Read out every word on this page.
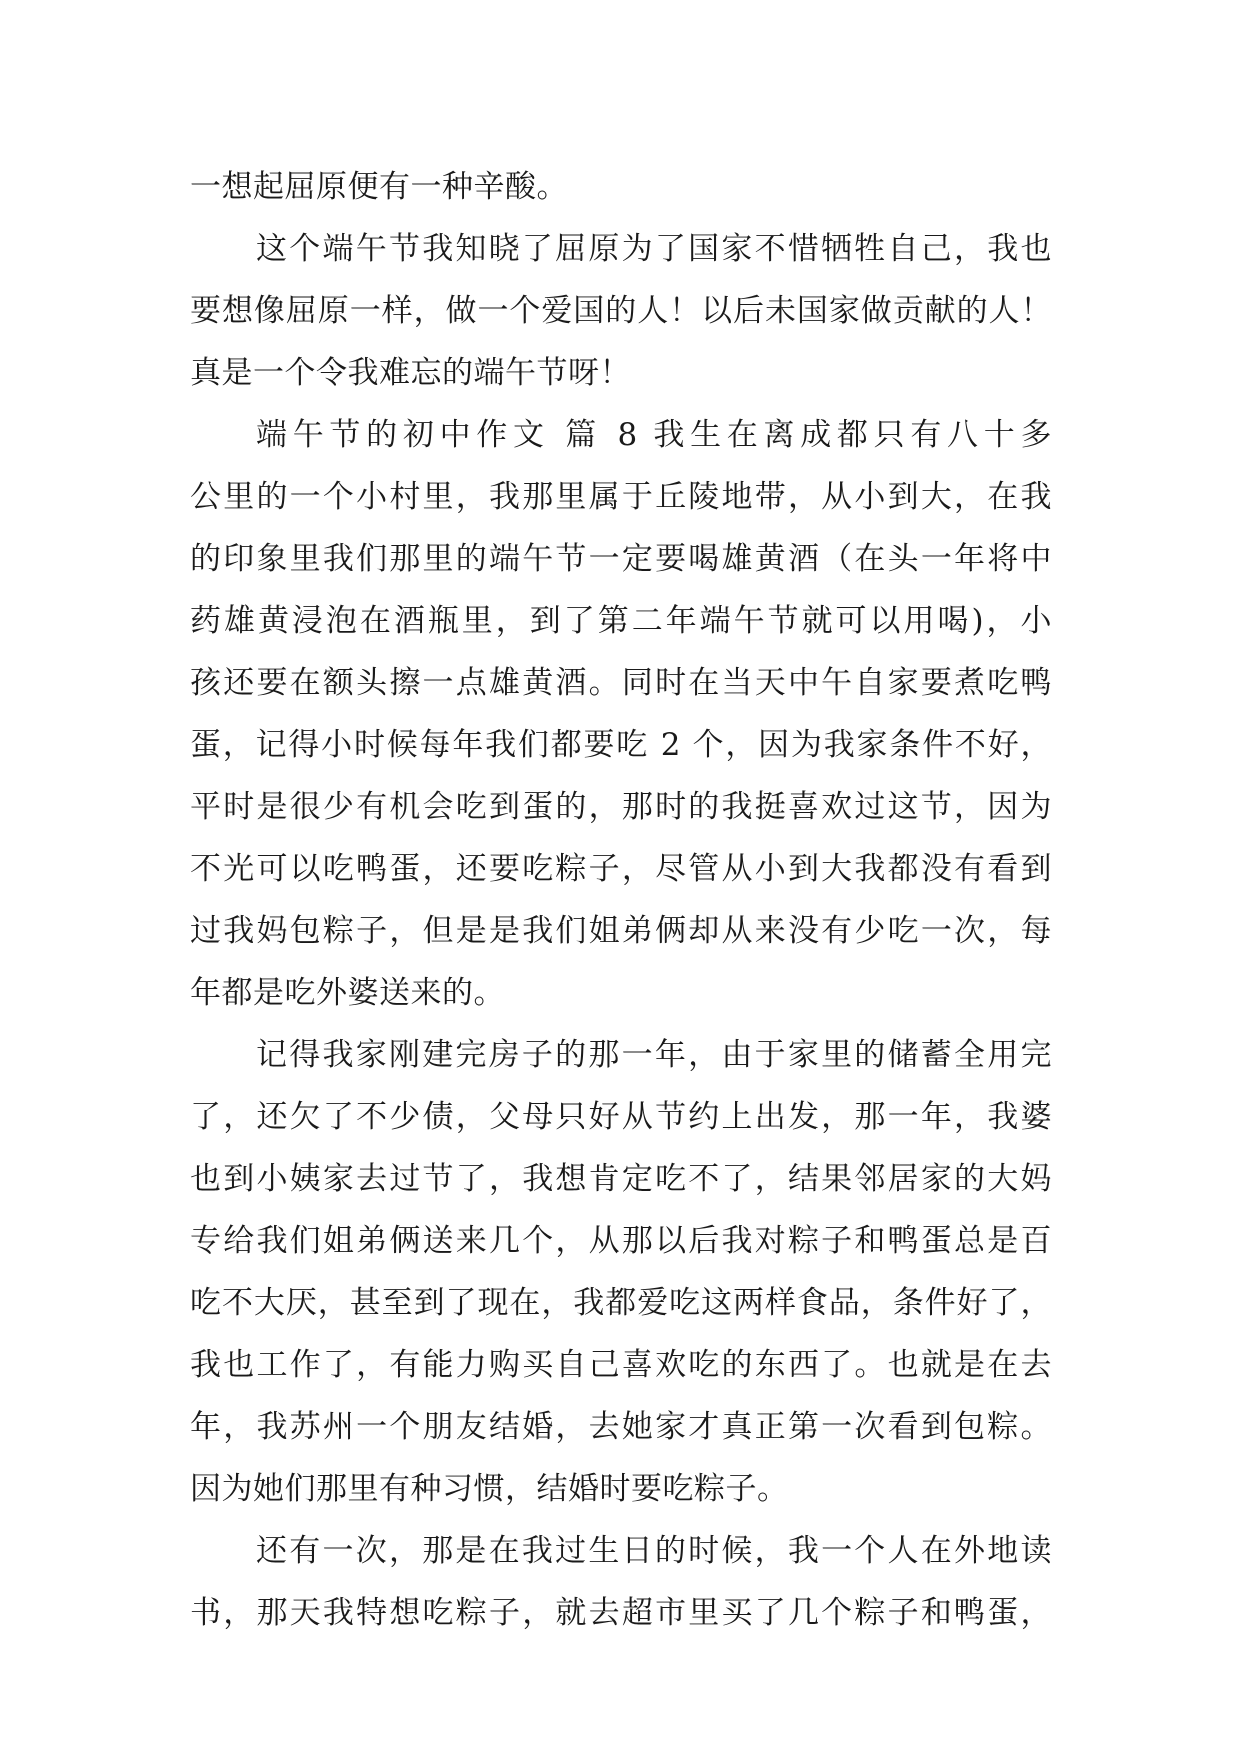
一想起屈原便有一种辛酸。
这个端午节我知晓了屈原为了国家不惜牺牲自己，我也
要想像屈原一样，做一个爱国的人！以后未国家做贡献的人！
真是一个令我难忘的端午节呀！
端午节的初中作文 篇 8 我生在离成都只有八十多
公里的一个小村里，我那里属于丘陵地带，从小到大，在我
的印象里我们那里的端午节一定要喝雄黄酒（在头一年将中
药雄黄浸泡在酒瓶里，到了第二年端午节就可以用喝)，小
孩还要在额头擦一点雄黄酒。同时在当天中午自家要煮吃鸭
蛋，记得小时候每年我们都要吃 2 个，因为我家条件不好，
平时是很少有机会吃到蛋的，那时的我挺喜欢过这节，因为
不光可以吃鸭蛋，还要吃粽子，尽管从小到大我都没有看到
过我妈包粽子，但是是我们姐弟俩却从来没有少吃一次，每
年都是吃外婆送来的。
记得我家刚建完房子的那一年，由于家里的储蓄全用完
了，还欠了不少债，父母只好从节约上出发，那一年，我婆
也到小姨家去过节了，我想肯定吃不了，结果邻居家的大妈
专给我们姐弟俩送来几个，从那以后我对粽子和鸭蛋总是百
吃不大厌，甚至到了现在，我都爱吃这两样食品，条件好了，
我也工作了，有能力购买自己喜欢吃的东西了。也就是在去
年，我苏州一个朋友结婚，去她家才真正第一次看到包粽。
因为她们那里有种习惯，结婚时要吃粽子。
还有一次，那是在我过生日的时候，我一个人在外地读
书，那天我特想吃粽子，就去超市里买了几个粽子和鸭蛋，
